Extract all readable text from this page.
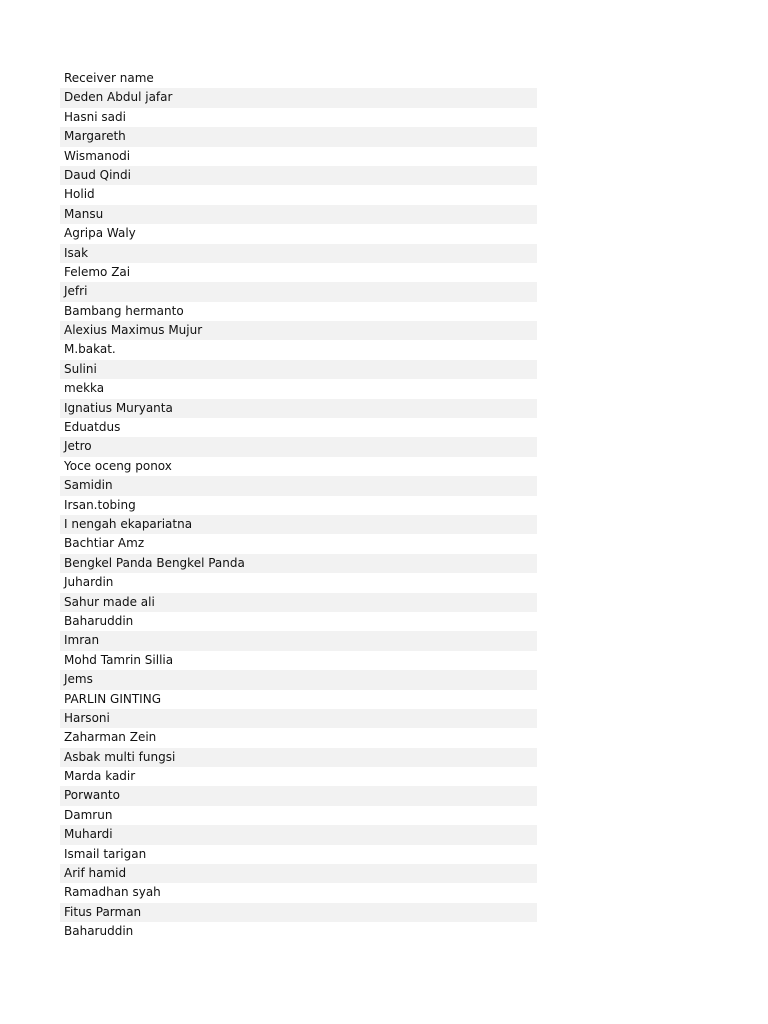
Receiver name
Deden Abdul jafar
Hasni sadi
Margareth
Wismanodi
Daud Qindi
Holid
Mansu
Agripa Waly
Isak
Felemo Zai
Jefri
Bambang hermanto
Alexius Maximus Mujur
M.bakat.
Sulini
mekka
Ignatius Muryanta
Eduatdus
Jetro
Yoce oceng ponox
Samidin
Irsan.tobing
I nengah ekapariatna
Bachtiar Amz
Bengkel Panda Bengkel Panda
Juhardin
Sahur made ali
Baharuddin
Imran
Mohd Tamrin Sillia
Jems
PARLIN GINTING
Harsoni
Zaharman Zein
Asbak multi fungsi
Marda kadir
Porwanto
Damrun
Muhardi
Ismail tarigan
Arif hamid
Ramadhan syah
Fitus Parman
Baharuddin
